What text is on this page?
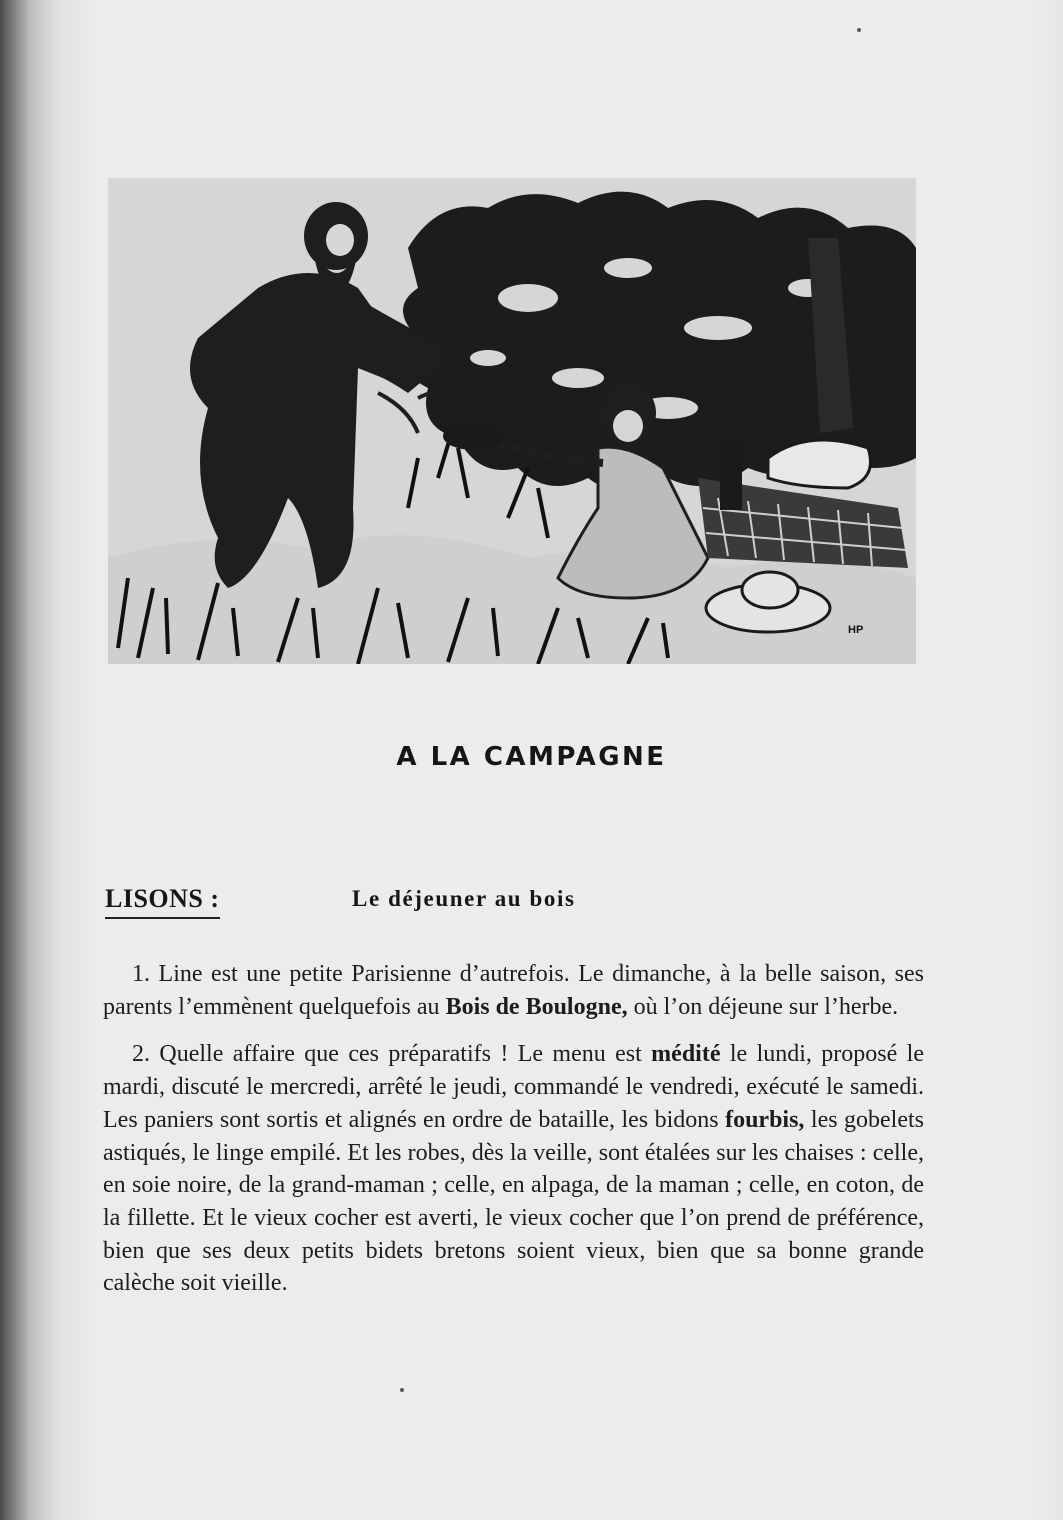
HP
A LA CAMPAGNE
LISONS :	Le déjeuner au bois

1. Line est une petite Parisienne d’autrefois. Le dimanche, à la belle saison, ses parents l’emmènent quelquefois au Bois de Boulogne, où l’on déjeune sur l’herbe.

2. Quelle affaire que ces préparatifs ! Le menu est médité le lundi, proposé le mardi, discuté le mercredi, arrêté le jeudi, commandé le vendredi, exécuté le samedi. Les paniers sont sortis et alignés en ordre de bataille, les bidons fourbis, les gobelets astiqués, le linge empilé. Et les robes, dès la veille, sont étalées sur les chaises : celle, en soie noire, de la grand-maman ; celle, en alpaga, de la maman ; celle, en coton, de la fillette. Et le vieux cocher est averti, le vieux cocher que l’on prend de préférence, bien que ses deux petits bidets bretons soient vieux, bien que sa bonne grande calèche soit vieille.
